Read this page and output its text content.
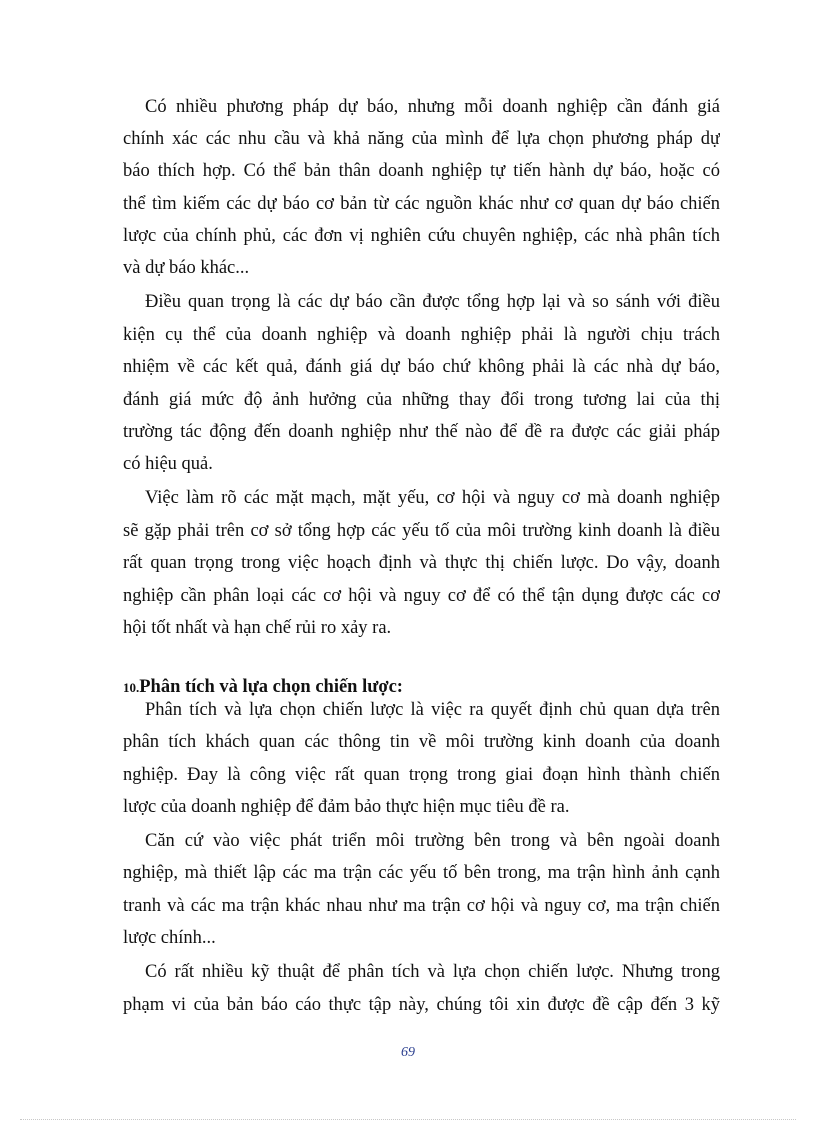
Có nhiều phương pháp dự báo, nhưng mỗi doanh nghiệp cần đánh giá
chính xác các nhu cầu và khả năng của mình để lựa chọn phương pháp dự
báo thích hợp. Có thể bản thân doanh nghiệp tự tiến hành dự báo, hoặc có
thể tìm kiếm các dự báo cơ bản từ các nguồn khác như cơ quan dự báo chiến
lược của chính phủ, các đơn vị nghiên cứu chuyên nghiệp, các nhà phân tích
và dự báo khác...
Điều quan trọng là các dự báo cần được tổng hợp lại và so sánh với điều
kiện cụ thể của doanh nghiệp và doanh nghiệp phải là người chịu trách
nhiệm về các kết quả, đánh giá dự báo chứ không phải là các nhà dự báo,
đánh giá mức độ ảnh hưởng của những thay đổi trong tương lai của thị
trường tác động đến doanh nghiệp như thế nào để đề ra được các giải pháp
có hiệu quả.
Việc làm rõ các mặt mạch, mặt yếu, cơ hội và nguy cơ mà doanh nghiệp
sẽ gặp phải trên cơ sở tổng hợp các yếu tố của môi trường kinh doanh là điều
rất quan trọng trong việc hoạch định và thực thị chiến lược. Do vậy, doanh
nghiệp cần phân loại các cơ hội và nguy cơ để có thể tận dụng được các cơ
hội tốt nhất và hạn chế rủi ro xảy ra.
10.Phân tích và lựa chọn chiến lược:
Phân tích và lựa chọn chiến lược là việc ra quyết định chủ quan dựa trên
phân tích khách quan các thông tin về môi trường kinh doanh của doanh
nghiệp. Đay là công việc rất quan trọng trong giai đoạn hình thành chiến
lược của doanh nghiệp để đảm bảo thực hiện mục tiêu đề ra.
Căn cứ vào việc phát triển môi trường bên trong và bên ngoài doanh
nghiệp, mà thiết lập các ma trận các yếu tố bên trong, ma trận hình ảnh cạnh
tranh và các ma trận khác nhau như ma trận cơ hội và nguy cơ, ma trận chiến
lược chính...
Có rất nhiều kỹ thuật để phân tích và lựa chọn chiến lược. Nhưng trong
phạm vi của bản báo cáo thực tập này, chúng tôi xin được đề cập đến 3 kỹ
69
